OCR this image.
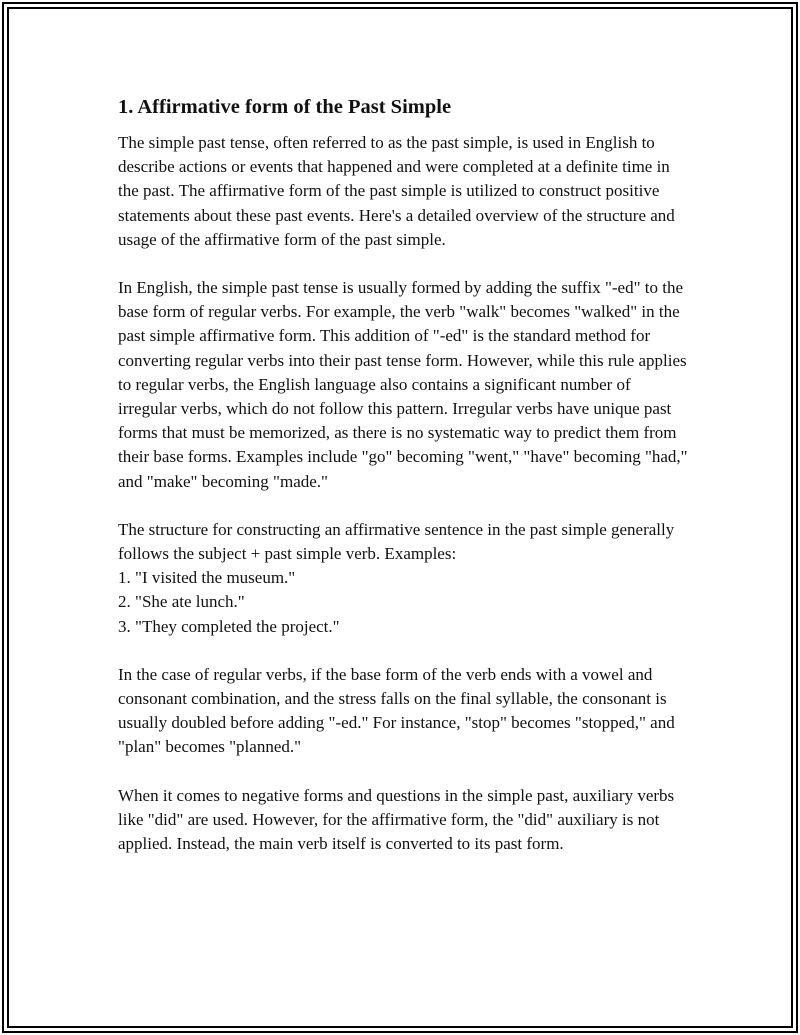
1. Affirmative form of the Past Simple

The simple past tense, often referred to as the past simple, is used in English to describe actions or events that happened and were completed at a definite time in the past. The affirmative form of the past simple is utilized to construct positive statements about these past events. Here's a detailed overview of the structure and usage of the affirmative form of the past simple.

In English, the simple past tense is usually formed by adding the suffix "-ed" to the base form of regular verbs. For example, the verb "walk" becomes "walked" in the past simple affirmative form. This addition of "-ed" is the standard method for converting regular verbs into their past tense form. However, while this rule applies to regular verbs, the English language also contains a significant number of irregular verbs, which do not follow this pattern. Irregular verbs have unique past forms that must be memorized, as there is no systematic way to predict them from their base forms. Examples include "go" becoming "went," "have" becoming "had," and "make" becoming "made."

The structure for constructing an affirmative sentence in the past simple generally follows the subject + past simple verb. Examples:
1. "I visited the museum."
2. "She ate lunch."
3. "They completed the project."

In the case of regular verbs, if the base form of the verb ends with a vowel and consonant combination, and the stress falls on the final syllable, the consonant is usually doubled before adding "-ed." For instance, "stop" becomes "stopped," and "plan" becomes "planned."

When it comes to negative forms and questions in the simple past, auxiliary verbs like "did" are used. However, for the affirmative form, the "did" auxiliary is not applied. Instead, the main verb itself is converted to its past form.
